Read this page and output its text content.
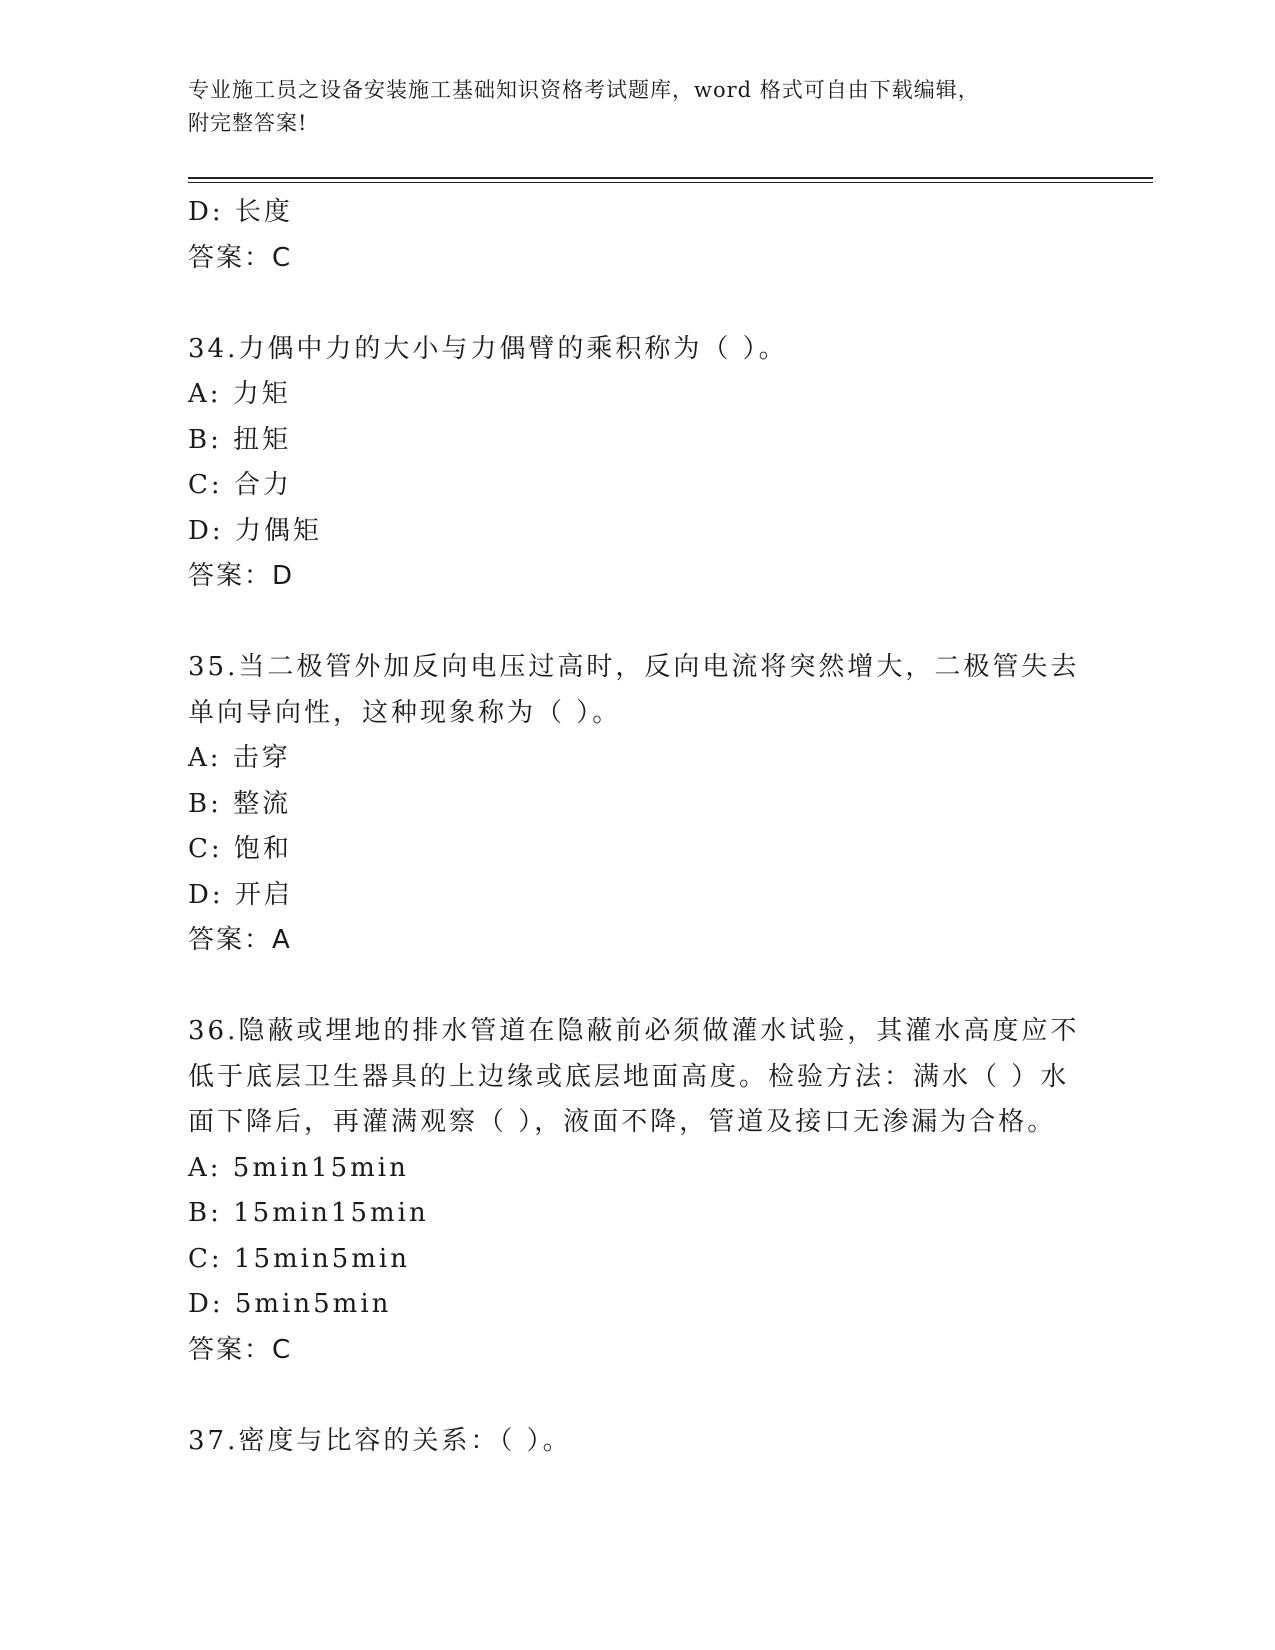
专业施工员之设备安装施工基础知识资格考试题库，word 格式可自由下载编辑，
附完整答案!
D: 长度
答案：C
34.力偶中力的大小与力偶臂的乘积称为（ ）。
A: 力矩
B: 扭矩
C: 合力
D: 力偶矩
答案：D
35.当二极管外加反向电压过高时，反向电流将突然增大，二极管失去
单向导向性，这种现象称为（ ）。
A: 击穿
B: 整流
C: 饱和
D: 开启
答案：A
36.隐蔽或埋地的排水管道在隐蔽前必须做灌水试验，其灌水高度应不
低于底层卫生器具的上边缘或底层地面高度。检验方法：满水（ ）水
面下降后，再灌满观察（ ），液面不降，管道及接口无渗漏为合格。
A: 5min15min
B: 15min15min
C: 15min5min
D: 5min5min
答案：C
37.密度与比容的关系：（ ）。
